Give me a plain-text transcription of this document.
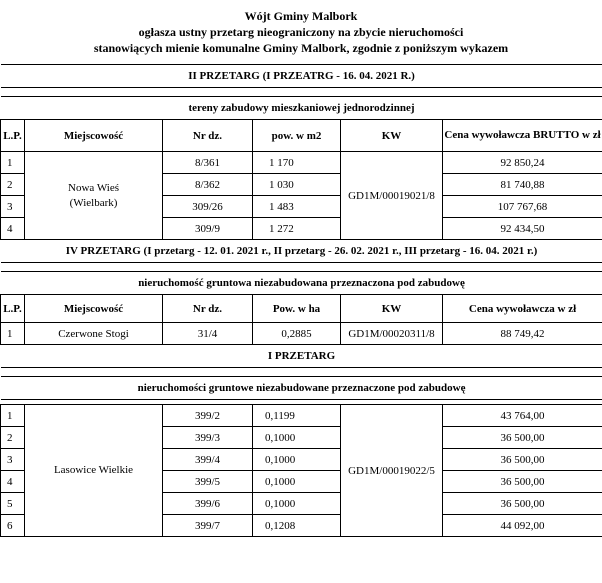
Wójt Gminy Malbork
ogłasza ustny przetarg nieograniczony na zbycie nieruchomości
stanowiących mienie komunalne Gminy Malbork, zgodnie z poniższym wykazem
II PRZETARG (I PRZEATRG - 16. 04. 2021 R.)					

tereny zabudowy mieszkaniowej jednorodzinnej					
L.P.	Miejscowość	Nr dz.	pow. w m2	KW	Cena wywoławcza BRUTTO w zł
1	Nowa Wieś (Wielbark)	8/361	1 170	GD1M/00019021/8	92 850,24
2		8/362	1 030		81 740,88
3		309/26	1 483		107 767,68
4		309/9	1 272		92 434,50
IV PRZETARG (I przetarg - 12. 01. 2021 r., II przetarg - 26. 02. 2021 r., III przetarg - 16. 04. 2021 r.)					

nieruchomość gruntowa niezabudowana przeznaczona pod zabudowę					
L.P.	Miejscowość	Nr dz.	Pow. w ha	KW	Cena wywoławcza w zł
1	Czerwone Stogi	31/4	0,2885	GD1M/00020311/8	88 749,42
I PRZETARG					

nieruchomości gruntowe niezabudowane przeznaczone pod zabudowę					

1	Lasowice Wielkie	399/2	0,1199	GD1M/00019022/5	43 764,00
2		399/3	0,1000		36 500,00
3		399/4	0,1000		36 500,00
4		399/5	0,1000		36 500,00
5		399/6	0,1000		36 500,00
6		399/7	0,1208		44 092,00
